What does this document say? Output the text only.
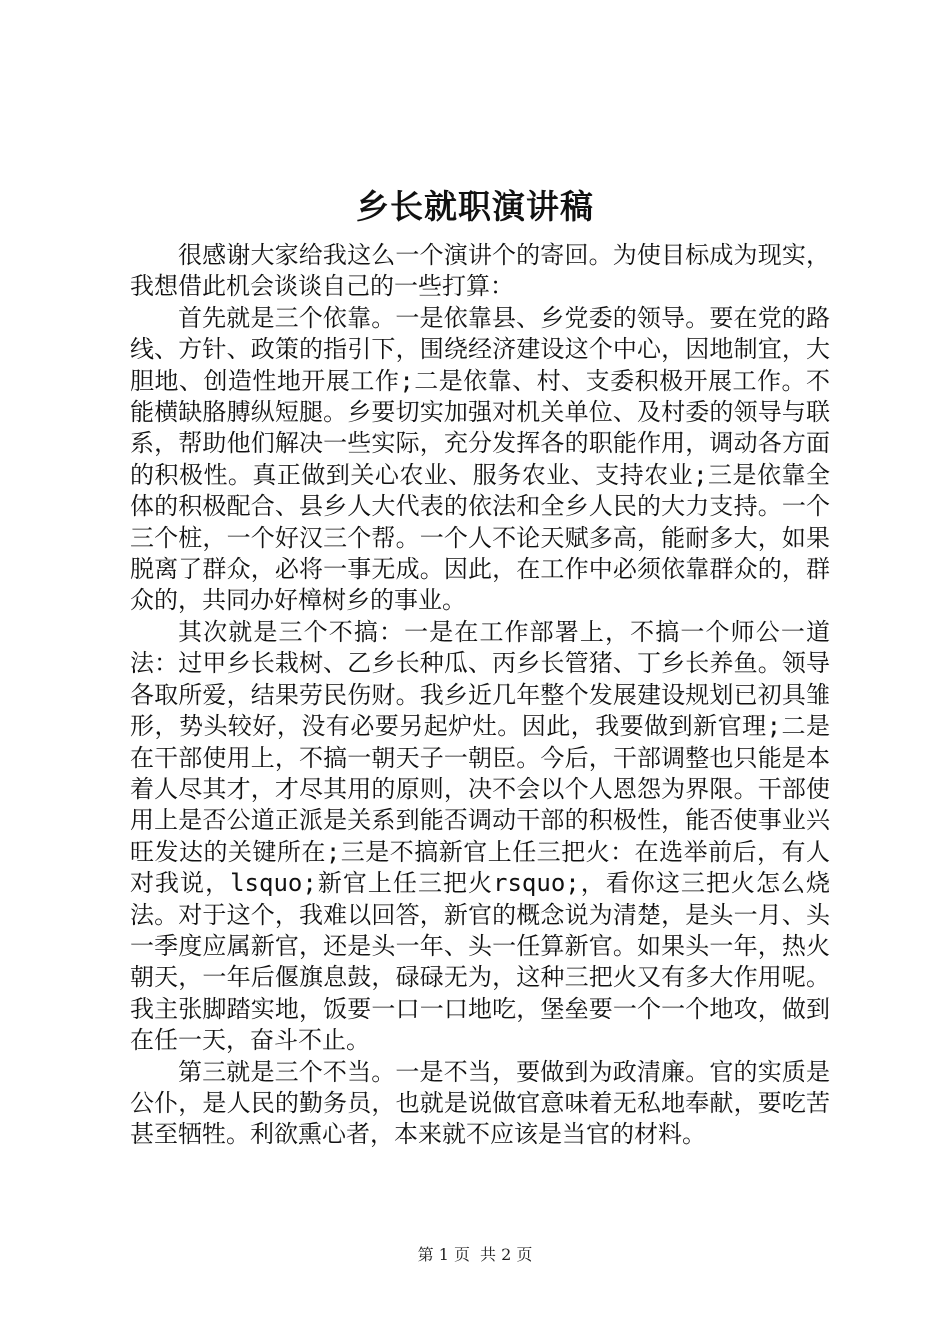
乡长就职演讲稿

很感谢大家给我这么一个演讲个的寄回。为使目标成为现实，我想借此机会谈谈自己的一些打算：

首先就是三个依靠。一是依靠县、乡党委的领导。要在党的路线、方针、政策的指引下，围绕经济建设这个中心，因地制宜，大胆地、创造性地开展工作;二是依靠、村、支委积极开展工作。不能横缺胳膊纵短腿。乡要切实加强对机关单位、及村委的领导与联系，帮助他们解决一些实际，充分发挥各的职能作用，调动各方面的积极性。真正做到关心农业、服务农业、支持农业;三是依靠全体的积极配合、县乡人大代表的依法和全乡人民的大力支持。一个三个桩，一个好汉三个帮。一个人不论天赋多高，能耐多大，如果脱离了群众，必将一事无成。因此，在工作中必须依靠群众的，群众的，共同办好樟树乡的事业。

其次就是三个不搞：一是在工作部署上，不搞一个师公一道法：过甲乡长栽树、乙乡长种瓜、丙乡长管猪、丁乡长养鱼。领导各取所爱，结果劳民伤财。我乡近几年整个发展建设规划已初具雏形，势头较好，没有必要另起炉灶。因此，我要做到新官理;二是在干部使用上，不搞一朝天子一朝臣。今后，干部调整也只能是本着人尽其才，才尽其用的原则，决不会以个人恩怨为界限。干部使用上是否公道正派是关系到能否调动干部的积极性，能否使事业兴旺发达的关键所在;三是不搞新官上任三把火：在选举前后，有人对我说，lsquo;新官上任三把火rsquo;，看你这三把火怎么烧法。对于这个，我难以回答，新官的概念说为清楚，是头一月、头一季度应属新官，还是头一年、头一任算新官。如果头一年，热火朝天，一年后偃旗息鼓，碌碌无为，这种三把火又有多大作用呢。我主张脚踏实地，饭要一口一口地吃，堡垒要一个一个地攻，做到在任一天，奋斗不止。

第三就是三个不当。一是不当，要做到为政清廉。官的实质是公仆，是人民的勤务员，也就是说做官意味着无私地奉献，要吃苦甚至牺牲。利欲熏心者，本来就不应该是当官的材料。

第 1 页 共 2 页
